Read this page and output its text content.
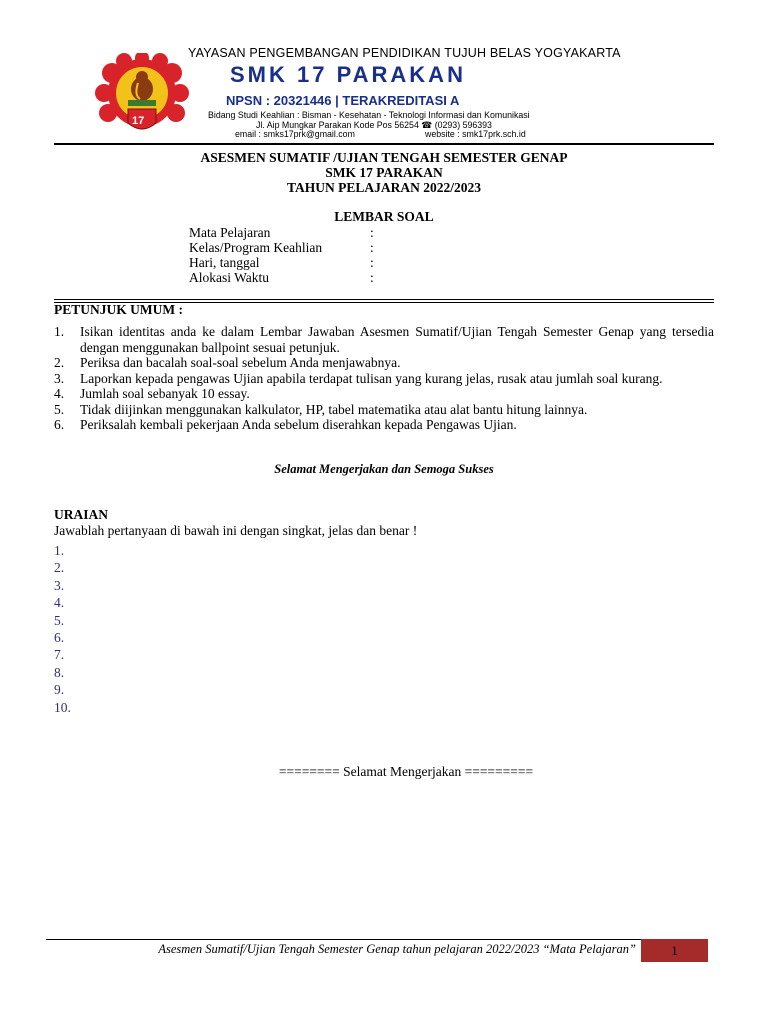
17
YAYASAN PENGEMBANGAN PENDIDIKAN TUJUH BELAS YOGYAKARTA
SMK 17 PARAKAN
NPSN : 20321446 | TERAKREDITASI A
Bidang Studi Keahlian : Bisman - Kesehatan - Teknologi Informasi dan Komunikasi
Jl. Aip Mungkar Parakan Kode Pos 56254 ☎ (0293) 596393
email : smks17prk@gmail.com	website : smk17prk.sch.id
ASESMEN SUMATIF /UJIAN TENGAH SEMESTER GENAP
SMK 17 PARAKAN
TAHUN PELAJARAN 2022/2023
LEMBAR SOAL
Mata Pelajaran	:
Kelas/Program Keahlian	:
Hari, tanggal	:
Alokasi Waktu	:
PETUNJUK UMUM :
1. Isikan identitas anda ke dalam Lembar Jawaban Asesmen Sumatif/Ujian Tengah Semester Genap yang tersedia dengan menggunakan ballpoint sesuai petunjuk.
2. Periksa dan bacalah soal-soal sebelum Anda menjawabnya.
3. Laporkan kepada pengawas Ujian apabila terdapat tulisan yang kurang jelas, rusak atau jumlah soal kurang.
4. Jumlah soal sebanyak 10 essay.
5. Tidak diijinkan menggunakan kalkulator, HP, tabel matematika atau alat bantu hitung lainnya.
6. Periksalah kembali pekerjaan Anda sebelum diserahkan kepada Pengawas Ujian.
Selamat Mengerjakan dan Semoga Sukses
URAIAN
Jawablah pertanyaan di bawah ini dengan singkat, jelas dan benar !
1.
2.
3.
4.
5.
6.
7.
8.
9.
10.
======== Selamat Mengerjakan =========
Asesmen Sumatif/Ujian Tengah Semester Genap tahun pelajaran 2022/2023 “Mata Pelajaran”	1
